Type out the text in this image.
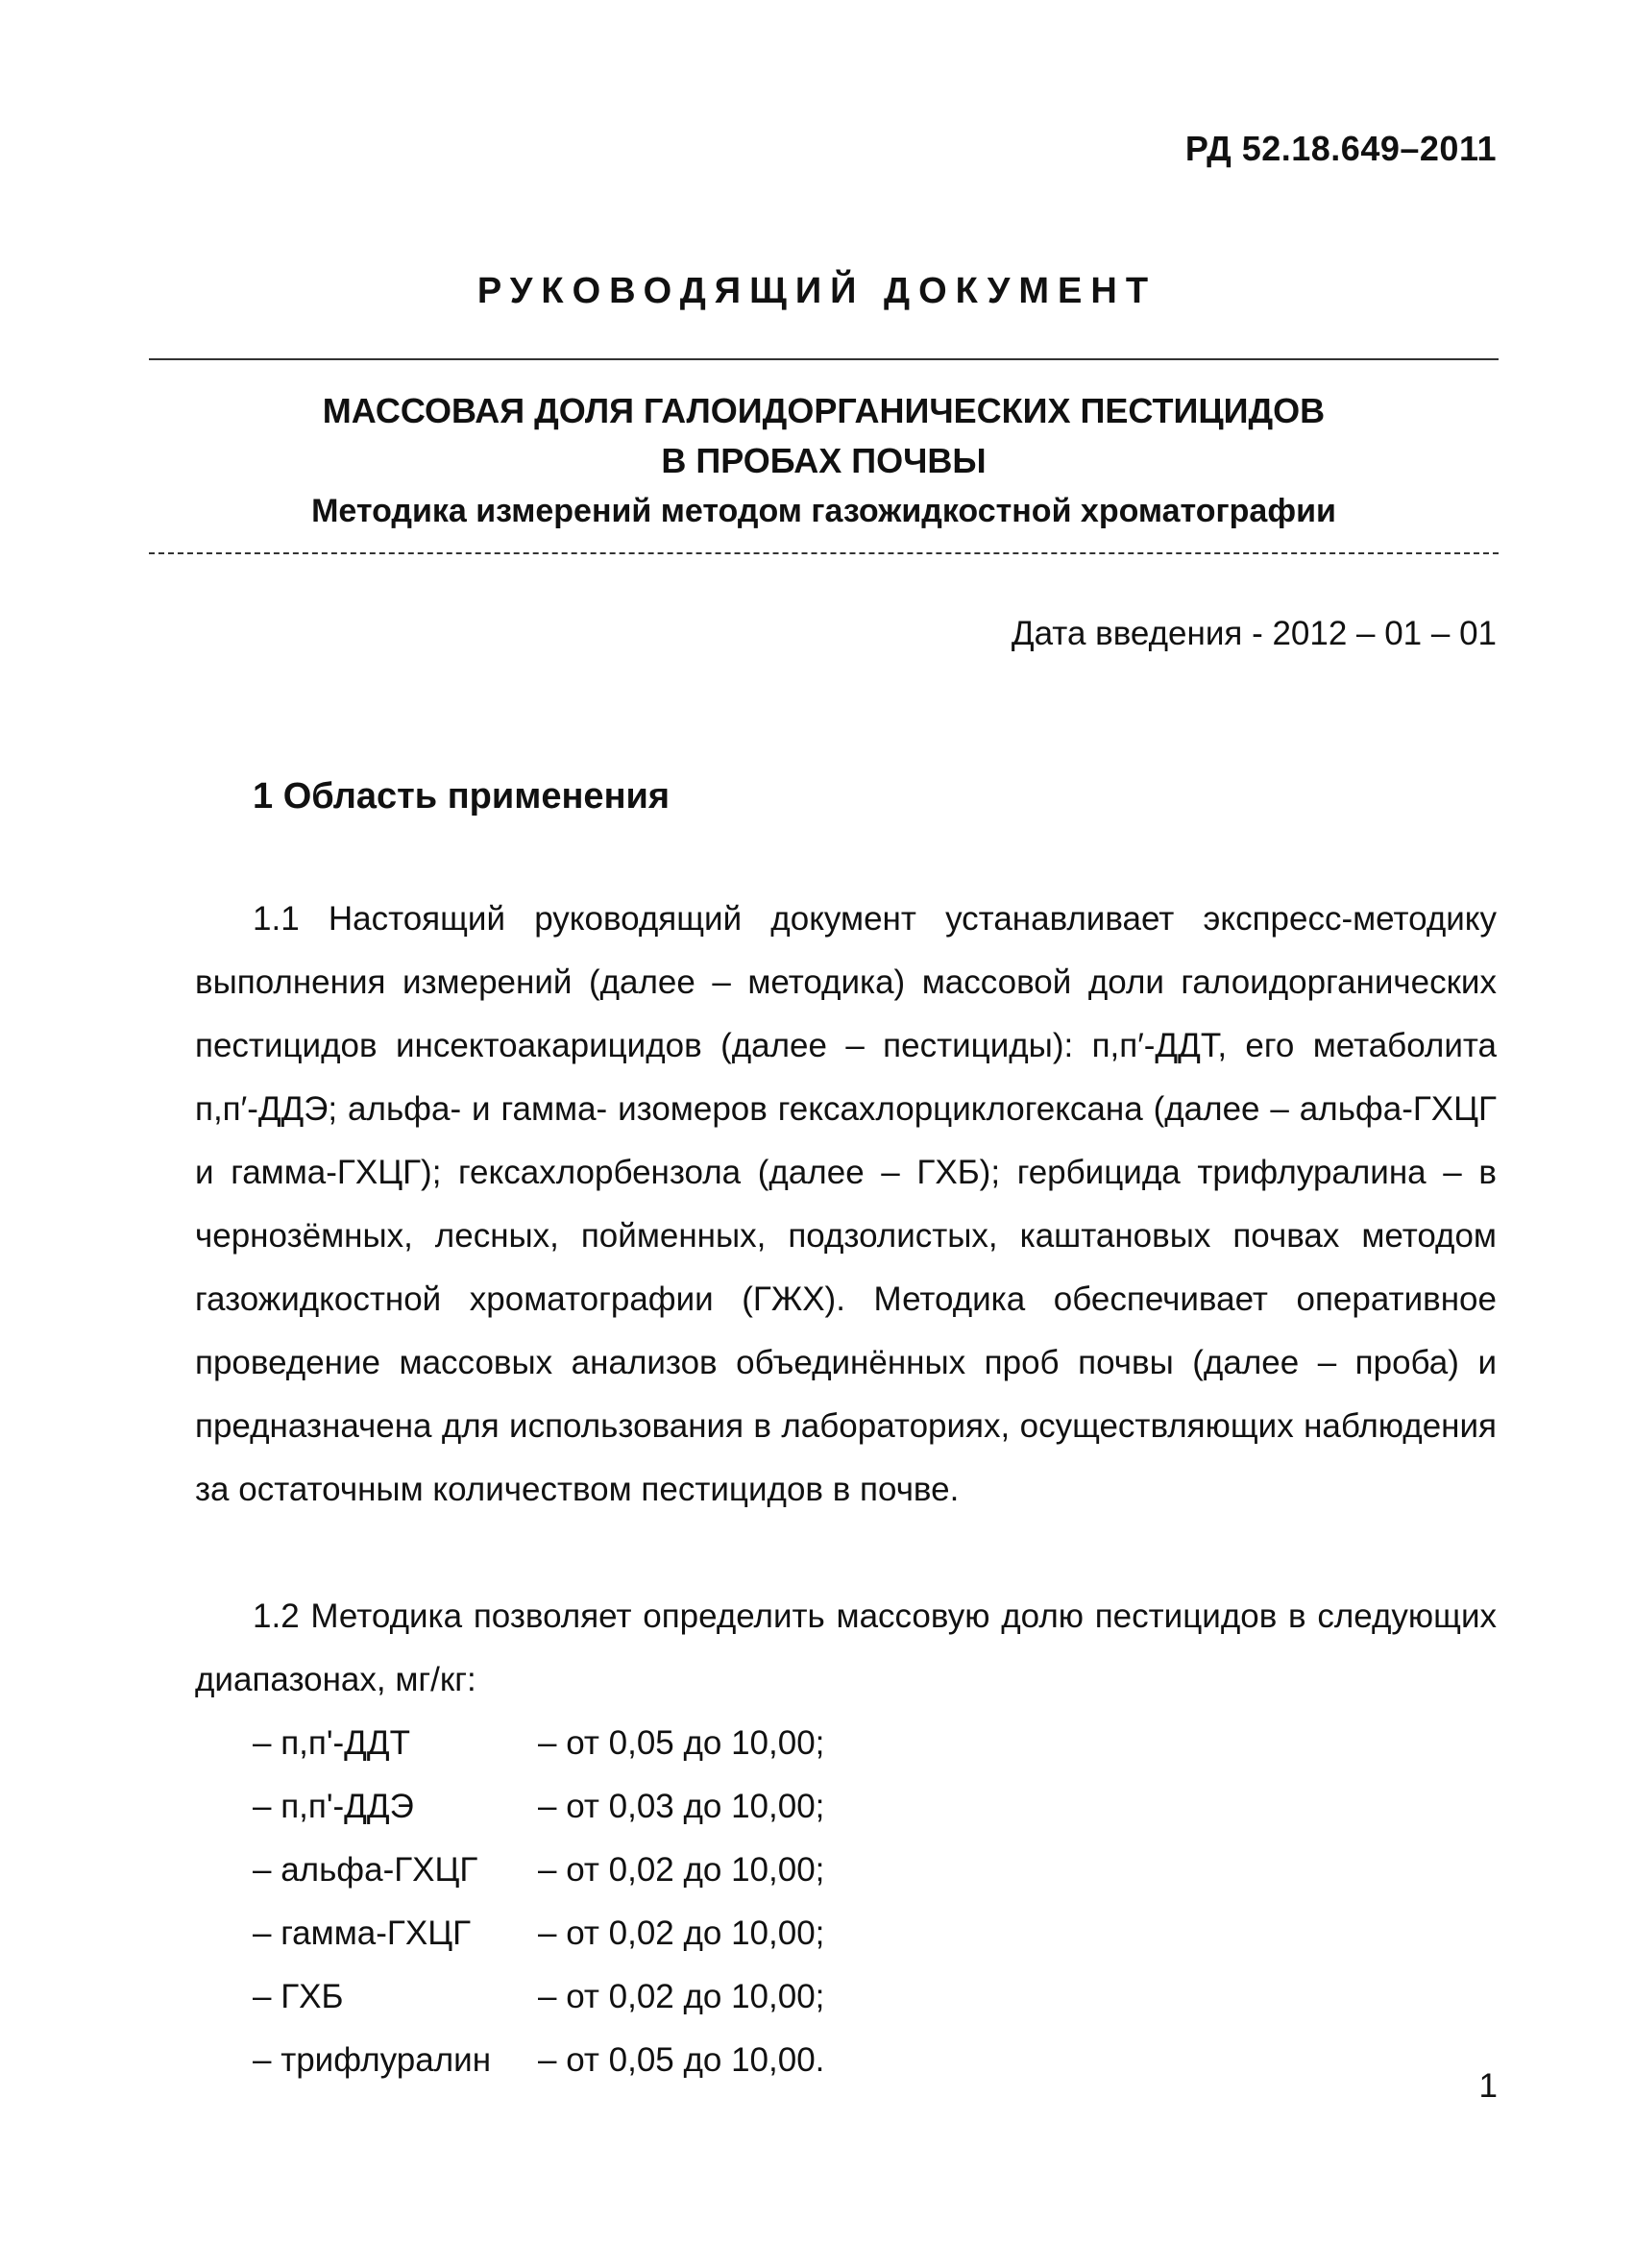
РД 52.18.649–2011
РУКОВОДЯЩИЙ ДОКУМЕНТ
МАССОВАЯ ДОЛЯ ГАЛОИДОРГАНИЧЕСКИХ ПЕСТИЦИДОВ
В ПРОБАХ ПОЧВЫ
Методика измерений методом газожидкостной хроматографии
Дата введения - 2012 – 01 – 01
1 Область применения

1.1 Настоящий руководящий документ устанавливает экспресс-методику выполнения измерений (далее – методика) массовой доли галоидорганических пестицидов инсектоакарицидов (далее – пестициды): п,п′-ДДТ, его метаболита п,п′-ДДЭ; альфа- и гамма- изомеров гексахлорциклогексана (далее – альфа-ГХЦГ и гамма-ГХЦГ); гексахлорбензола (далее – ГХБ); гербицида трифлуралина – в чернозёмных, лесных, пойменных, подзолистых, каштановых почвах методом газожидкостной хроматографии (ГЖХ). Методика обеспечивает оперативное проведение массовых анализов объединённых проб почвы (далее – проба) и предназначена для использования в лабораториях, осуществляющих наблюдения за остаточным количеством пестицидов в почве.

1.2 Методика позволяет определить массовую долю пестицидов в следующих диапазонах, мг/кг:

– п,п'-ДДТ	– от 0,05 до 10,00;
– п,п'-ДДЭ	– от 0,03 до 10,00;
– альфа-ГХЦГ	– от 0,02 до 10,00;
– гамма-ГХЦГ	– от 0,02 до 10,00;
– ГХБ	– от 0,02 до 10,00;
– трифлуралин	– от 0,05 до 10,00.
1
